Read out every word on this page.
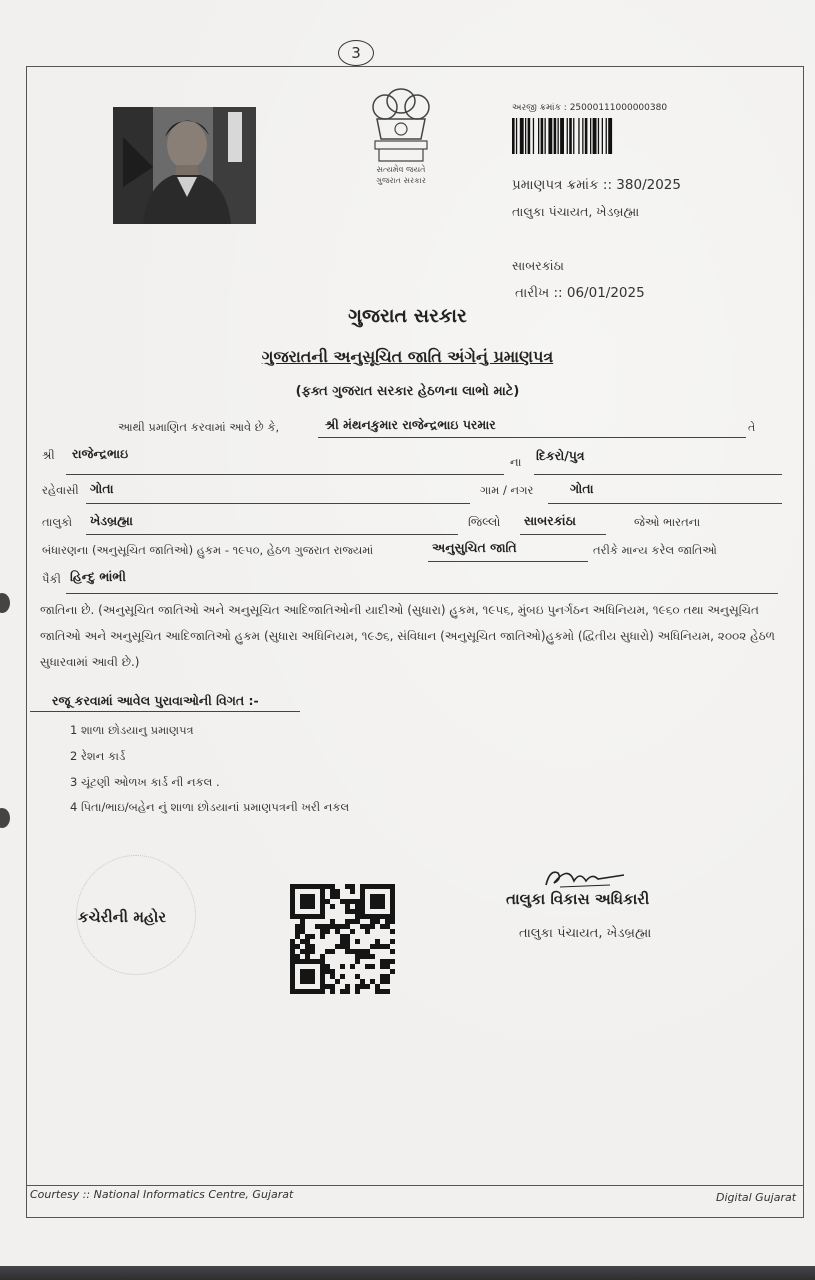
3
સત્યમેવ જયતે
ગુજરાત સરકાર
અરજી ક્રમાંક : 25000111000000380
પ્રમાણપત્ર ક્રમાંક :: 380/2025
તાલુકા પંચાયત, ખેડબ્રહ્મા
સાબરકાંઠા
તારીખ :: 06/01/2025
ગુજરાત સરકાર
ગુજરાતની અનુસૂચિત જાતિ અંગેનું પ્રમાણપત્ર
(ફક્ત ગુજરાત સરકાર હેઠળના લાભો માટે)
આથી પ્રમાણિત કરવામાં આવે છે કે,	શ્રી મંથનકુમાર રાજેન્દ્રભાઇ પરમાર	તે
શ્રી રાજેન્દ્રભાઇ
ના દિકરો/પુત્ર
રહેવાસી ગોતા	ગામ / નગર	ગોતા
તાલુકો ખેડબ્રહ્મા	જિલ્લો સાબરકાંઠા	જેઓ ભારતના
બંધારણના (અનુસૂચિત જાતિઓ) હુકમ - ૧૯૫૦, હેઠળ ગુજરાત રાજ્યમાં	અનુસુચિત જાતિ	તરીકે માન્ય કરેલ જાતિઓ
પૈકી હિન્દુ ભાંભી
જાતિના છે. (અનુસૂચિત જાતિઓ અને અનુસૂચિત આદિજાતિઓની યાદીઓ (સુધારા) હુકમ, ૧૯૫૬, મુંબઇ પુનર્ગઠન અધિનિયમ, ૧૯૬૦ તથા અનુસૂચિત જાતિઓ અને અનુસૂચિત આદિજાતિઓ હુકમ (સુધારા અધિનિયમ, ૧૯૭૬, સંવિધાન (અનુસૂચિત જાતિઓ)હુકમો (દ્વિતીય સુધારો) અધિનિયમ, ૨૦૦૨ હેઠળ સુધારવામાં આવી છે.)
રજૂ કરવામાં આવેલ પુરાવાઓની વિગત :-
1 શાળા છોડયાનુ પ્રમાણપત્ર
2 રેશન કાર્ડ
3 ચૂંટણી ઓળખ કાર્ડ ની નકલ .
4 પિતા/ભાઇ/બહેન નું શાળા છોડયાનાં પ્રમાણપત્રની ખરી નકલ
કચેરીની મહોર
તાલુકા વિકાસ અધિકારી
તાલુકા પંચાયત, ખેડબ્રહ્મા
Courtesy :: National Informatics Centre, Gujarat	Digital Gujarat
